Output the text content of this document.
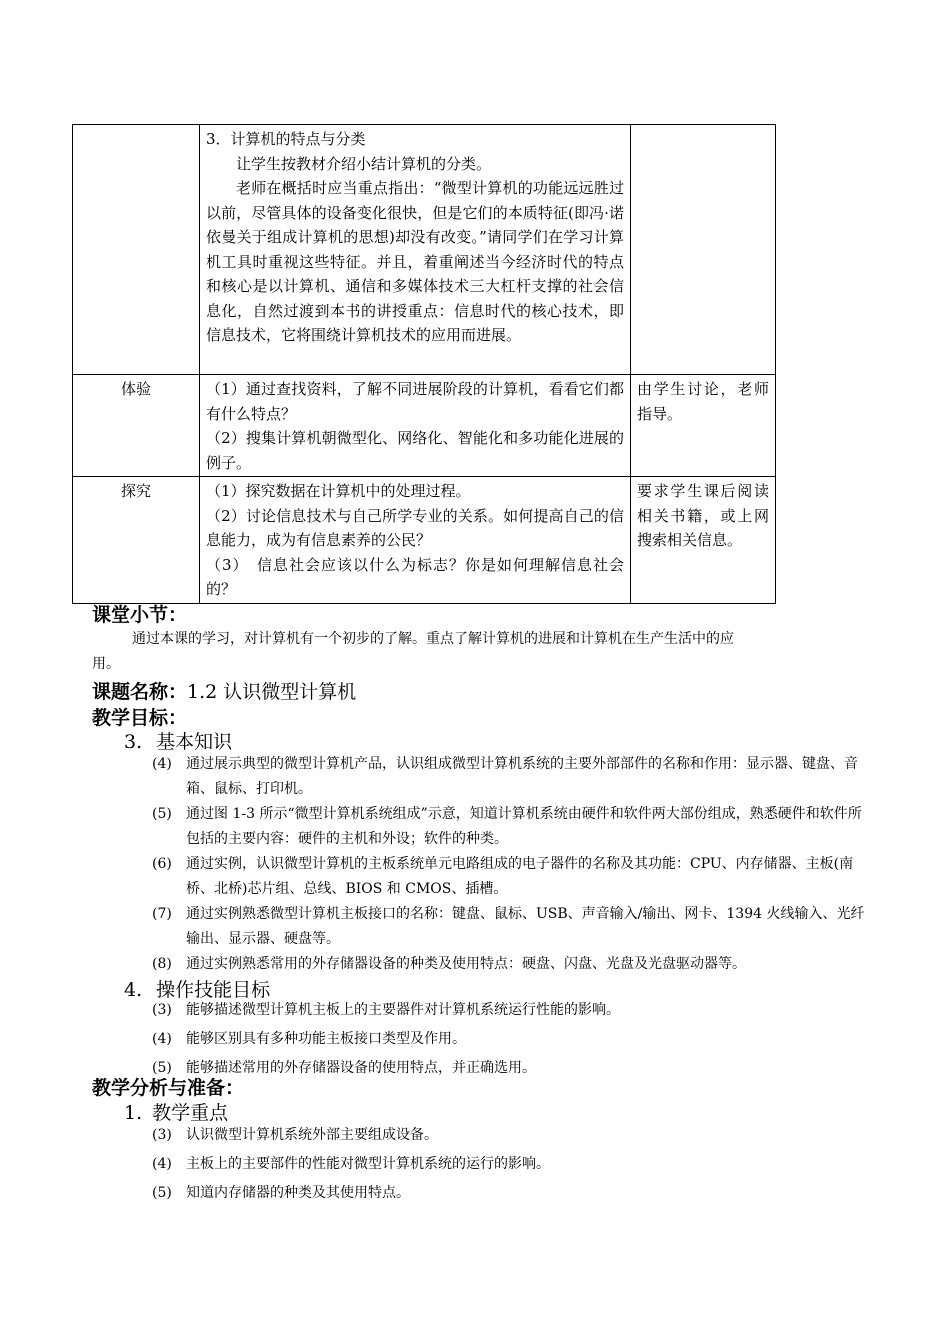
	3．计算机的特点与分类

让学生按教材介绍小结计算机的分类。

老师在概括时应当重点指出：“微型计算机的功能远远胜过以前，尽管具体的设备变化很快，但是它们的本质特征(即冯·诺依曼关于组成计算机的思想)却没有改变。”请同学们在学习计算机工具时重视这些特征。并且，着重阐述当今经济时代的特点和核心是以计算机、通信和多媒体技术三大杠杆支撑的社会信息化，自然过渡到本书的讲授重点：信息时代的核心技术，即信息技术，它将围绕计算机技术的应用而进展。	

体验	（1）通过查找资料，了解不同进展阶段的计算机，看看它们都有什么特点？

（2）搜集计算机朝微型化、网络化、智能化和多功能化进展的例子。	由学生讨论，老师指导。
探究	（1）探究数据在计算机中的处理过程。

（2）讨论信息技术与自己所学专业的关系。如何提高自己的信息能力，成为有信息素养的公民？

（3）　信息社会应该以什么为标志？你是如何理解信息社会的？	要求学生课后阅读相关书籍，或上网搜索相关信息。
课堂小节：
通过本课的学习，对计算机有一个初步的了解。重点了解计算机的进展和计算机在生产生活中的应
用。
课题名称：1.2 认识微型计算机
教学目标：
3. 基本知识
(4)	通过展示典型的微型计算机产品，认识组成微型计算机系统的主要外部部件的名称和作用：显示器、键盘、音箱、鼠标、打印机。
(5)	通过图 1-3 所示“微型计算机系统组成”示意，知道计算机系统由硬件和软件两大部份组成，熟悉硬件和软件所包括的主要内容：硬件的主机和外设；软件的种类。
(6)	通过实例，认识微型计算机的主板系统单元电路组成的电子器件的名称及其功能：CPU、内存储器、主板(南桥、北桥)芯片组、总线、BIOS 和 CMOS、插槽。
(7)	通过实例熟悉微型计算机主板接口的名称：键盘、鼠标、USB、声音输入/输出、网卡、1394 火线输入、光纤输出、显示器、硬盘等。
(8)	通过实例熟悉常用的外存储器设备的种类及使用特点：硬盘、闪盘、光盘及光盘驱动器等。
4. 操作技能目标
(3)	能够描述微型计算机主板上的主要器件对计算机系统运行性能的影响。
(4)	能够区别具有多种功能主板接口类型及作用。
(5)	能够描述常用的外存储器设备的使用特点，并正确选用。
教学分析与准备：
1. 教学重点
(3)	认识微型计算机系统外部主要组成设备。
(4)	主板上的主要部件的性能对微型计算机系统的运行的影响。
(5)	知道内存储器的种类及其使用特点。
